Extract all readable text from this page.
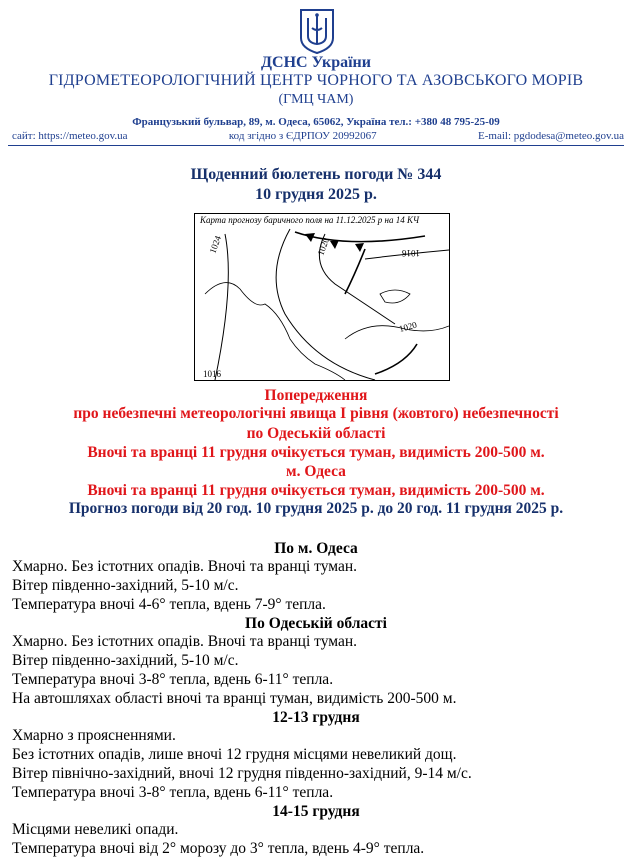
ДСНС України
ГІДРОМЕТЕОРОЛОГІЧНИЙ ЦЕНТР ЧОРНОГО ТА АЗОВСЬКОГО МОРІВ
(ГМЦ ЧАМ)
Французький бульвар, 89, м. Одеса, 65062, Україна тел.: +380 48 795-25-09
сайт: https://meteo.gov.ua	код згідно з ЄДРПОУ 20992067	E-mail: pgdodesa@meteo.gov.ua
Щоденний бюлетень погоди № 344
10 грудня 2025 р.
1024	1020	1016
1020
1016
Карта прогнозу баричного поля на 11.12.2025 р на 14 КЧ
Попередження
про небезпечні метеорологічні явища І рівня (жовтого) небезпечності
по Одеській області
Вночі та вранці 11 грудня очікується туман, видимість 200-500 м.
м. Одеса
Вночі та вранці 11 грудня очікується туман, видимість 200-500 м.
Прогноз погоди від 20 год. 10 грудня 2025 р. до 20 год. 11 грудня 2025 р.
По м. Одеса
Хмарно. Без істотних опадів. Вночі та вранці туман.
Вітер південно-західний, 5-10 м/с.
Температура вночі 4-6° тепла, вдень 7-9° тепла.
По Одеській області
Хмарно. Без істотних опадів. Вночі та вранці туман.
Вітер південно-західний, 5-10 м/с.
Температура вночі 3-8° тепла, вдень 6-11° тепла.
На автошляхах області вночі та вранці туман, видимість 200-500 м.
12-13 грудня
Хмарно з проясненнями.
Без істотних опадів, лише вночі 12 грудня місцями невеликий дощ.
Вітер північно-західний, вночі 12 грудня південно-західний, 9-14 м/с.
Температура вночі 3-8° тепла, вдень 6-11° тепла.
14-15 грудня
Місцями невеликі опади.
Температура вночі від 2° морозу до 3° тепла, вдень 4-9° тепла.
